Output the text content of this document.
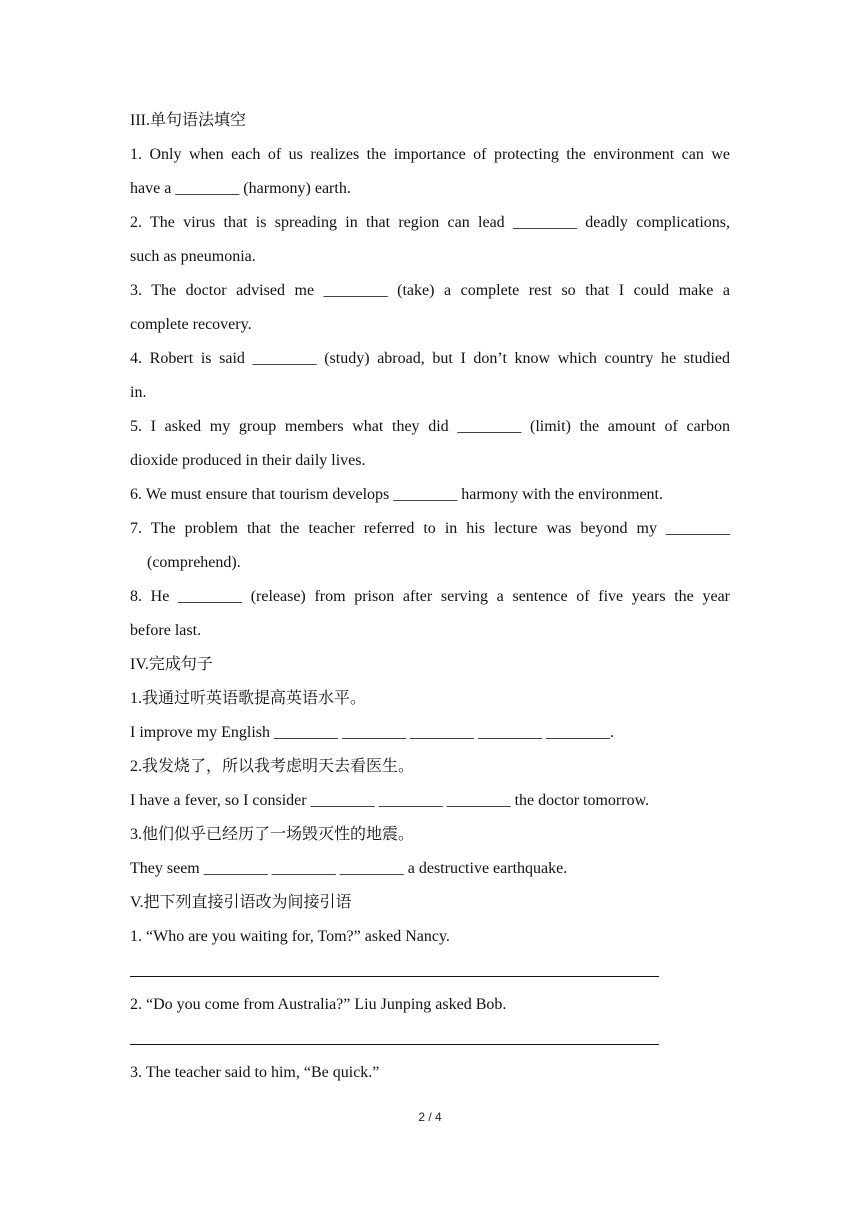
III.单句语法填空
1. Only when each of us realizes the importance of protecting the environment can we
have a ________ (harmony) earth.
2. The virus that is spreading in that region can lead ________ deadly complications,
such as pneumonia.
3. The doctor advised me ________ (take) a complete rest so that I could make a
complete recovery.
4. Robert is said ________ (study) abroad, but I don’t know which country he studied
in.
5. I asked my group members what they did ________ (limit) the amount of carbon
dioxide produced in their daily lives.
6. We must ensure that tourism develops ________ harmony with the environment.
7. The problem that the teacher referred to in his lecture was beyond my ________
(comprehend).
8. He ________ (release) from prison after serving a sentence of five years the year
before last.
IV.完成句子
1.我通过听英语歌提高英语水平。
I improve my English ________ ________ ________ ________ ________.
2.我发烧了，所以我考虑明天去看医生。
I have a fever, so I consider ________ ________ ________ the doctor tomorrow.
3.他们似乎已经历了一场毁灭性的地震。
They seem ________ ________ ________ a destructive earthquake.
V.把下列直接引语改为间接引语
1. “Who are you waiting for, Tom?” asked Nancy.
2. “Do you come from Australia?” Liu Junping asked Bob.
3. The teacher said to him, “Be quick.”
2 / 4
